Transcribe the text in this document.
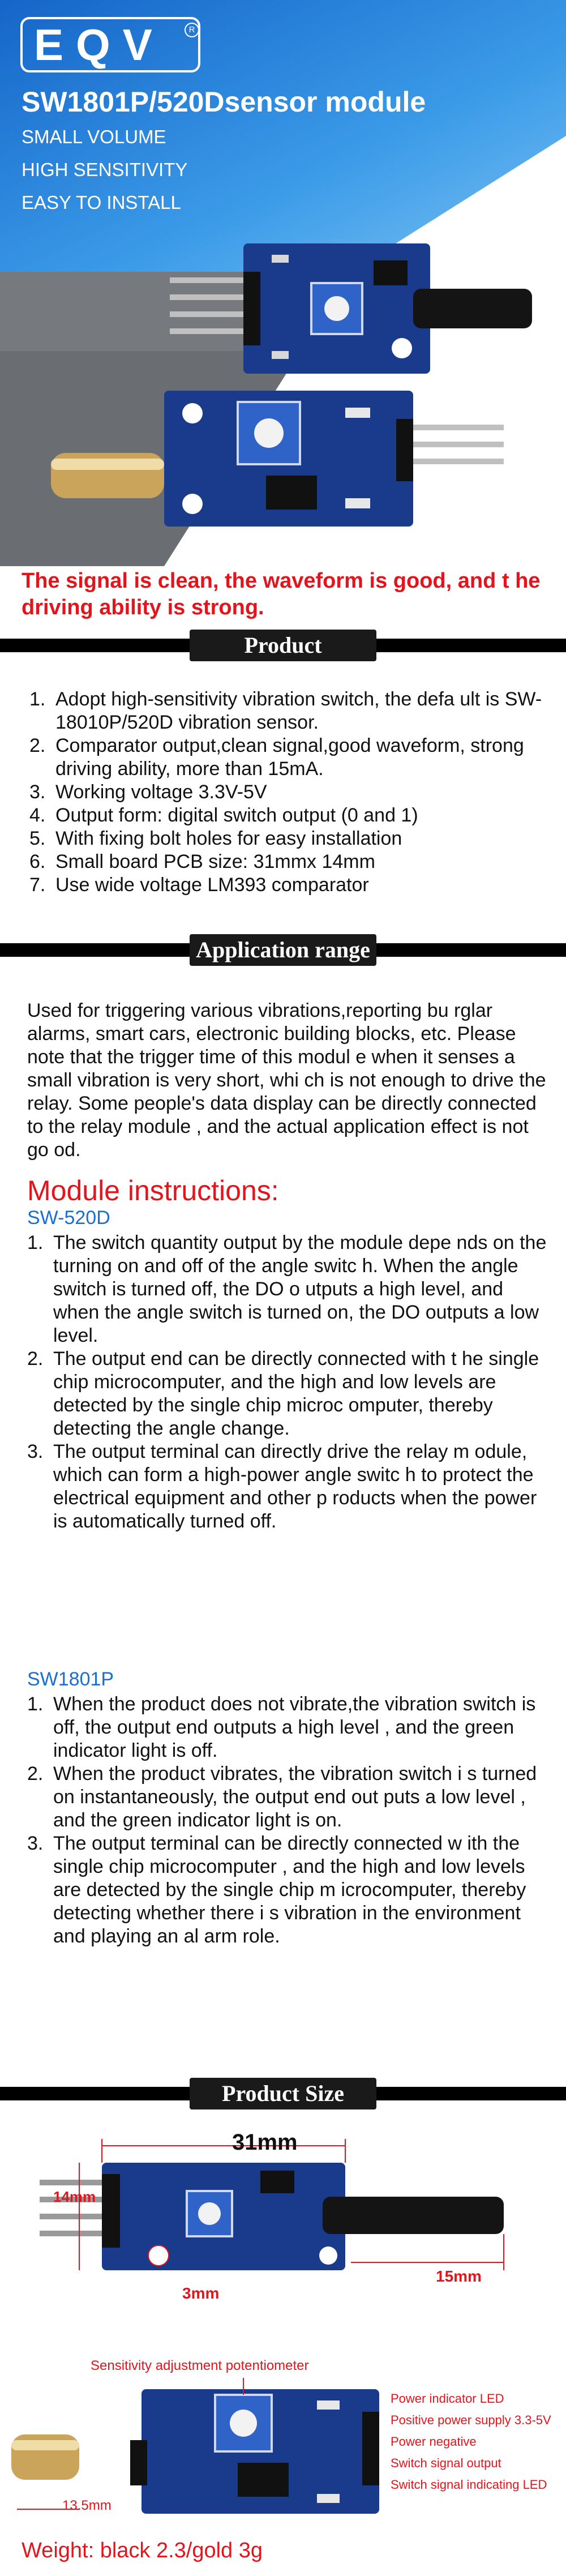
EQV	R
SW1801P/520Dsensor module
SMALL VOLUME
HIGH SENSITIVITY
EASY TO INSTALL
The signal is clean, the waveform is good, and t he driving ability is strong.
Product description
1. Adopt high-sensitivity vibration switch, the defa ult is SW-18010P/520D vibration sensor.
2. Comparator output,clean signal,good waveform, strong driving ability, more than 15mA.
3. Working voltage 3.3V-5V
4. Output form: digital switch output (0 and 1)
5. With fixing bolt holes for easy installation
6. Small board PCB size: 31mmx 14mm
7. Use wide voltage LM393 comparator
Application range
Used for triggering various vibrations,reporting bu rglar alarms, smart cars, electronic building blocks, etc. Please note that the trigger time of this modul e when it senses a small vibration is very short, whi ch is not enough to drive the relay. Some people's data display can be directly connected to the relay module , and the actual application effect is not go od.
Module instructions:
SW-520D
1. The switch quantity output by the module depe nds on the turning on and off of the angle switc h. When the angle switch is turned off, the DO o utputs a high level, and when the angle switch is turned on, the DO outputs a low level.
2. The output end can be directly connected with t he single chip microcomputer, and the high and low levels are detected by the single chip microc omputer, thereby detecting the angle change.
3. The output terminal can directly drive the relay m odule, which can form a high-power angle switc h to protect the electrical equipment and other p roducts when the power is automatically turned off.
SW1801P
1. When the product does not vibrate,the vibration switch is off, the output end outputs a high level , and the green indicator light is off.
2. When the product vibrates, the vibration switch i s turned on instantaneously, the output end out puts a low level , and the green indicator light is on.
3. The output terminal can be directly connected w ith the single chip microcomputer , and the high and low levels are detected by the single chip m icrocomputer, thereby detecting whether there i s vibration in the environment and playing an al arm role.
Product Size
31mm
14mm
15mm
3mm
Sensitivity adjustment potentiometer
13.5mm
Power indicator LED
Positive power supply 3.3-5V
Power negative
Switch signal output
Switch signal indicating LED
Weight: black 2.3/gold 3g
